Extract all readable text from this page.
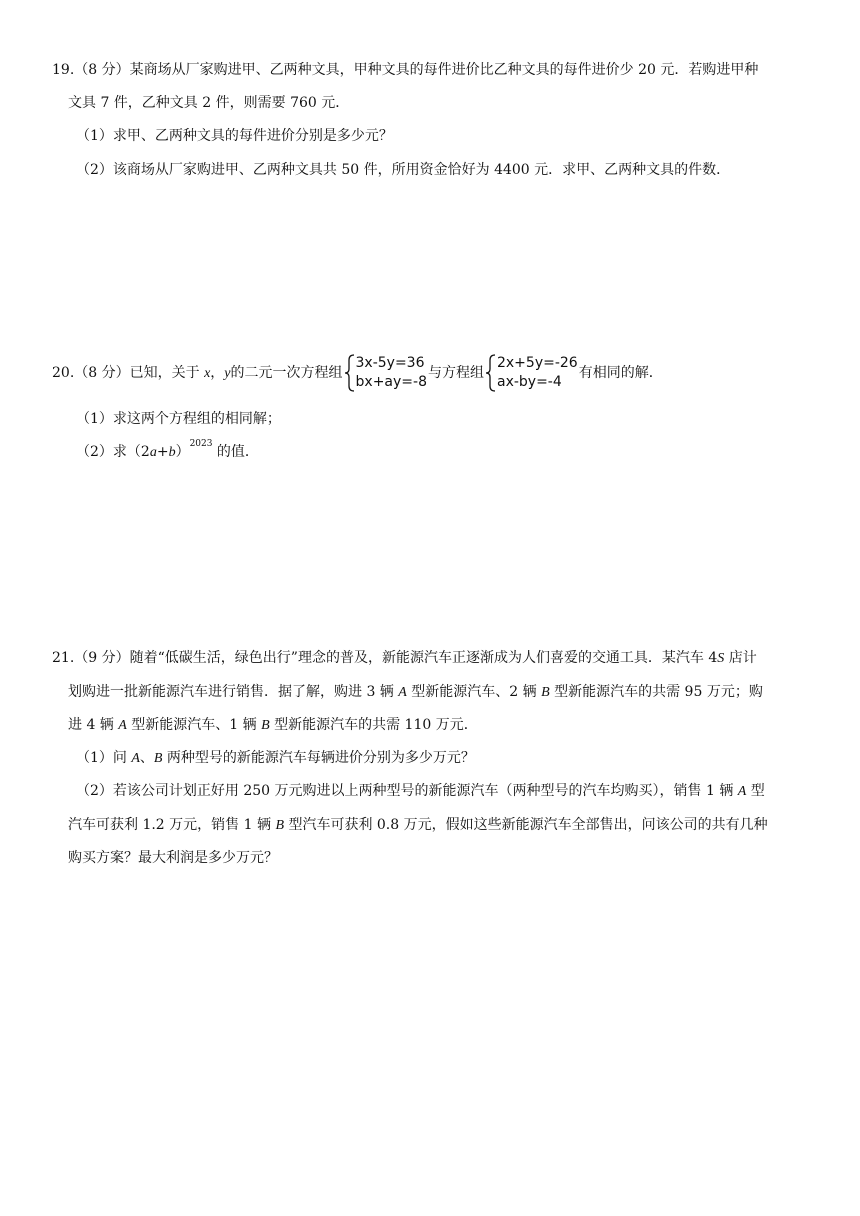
19.（8 分）某商场从厂家购进甲、乙两种文具，甲种文具的每件进价比乙种文具的每件进价少 20 元．若购进甲种
文具 7 件，乙种文具 2 件，则需要 760 元．
（1）求甲、乙两种文具的每件进价分别是多少元？
（2）该商场从厂家购进甲、乙两种文具共 50 件，所用资金恰好为 4400 元．求甲、乙两种文具的件数．
20.（8 分）已知，关于 x，y的二元一次方程组
3x-5y=36
bx+ay=-8
与方程组
2x+5y=-26
ax-by=-4
有相同的解．
（1）求这两个方程组的相同解；
（2）求$(2a+b)^{2023}$ 的值．
21.（9 分）随着“低碳生活，绿色出行”理念的普及，新能源汽车正逐渐成为人们喜爱的交通工具．某汽车 4S 店计
划购进一批新能源汽车进行销售．据了解，购进 3 辆 A 型新能源汽车、2 辆 B 型新能源汽车的共需 95 万元；购
进 4 辆 A 型新能源汽车、1 辆 B 型新能源汽车的共需 110 万元．
（1）问 A、B 两种型号的新能源汽车每辆进价分别为多少万元？
（2）若该公司计划正好用 250 万元购进以上两种型号的新能源汽车（两种型号的汽车均购买），销售 1 辆 A 型
汽车可获利 1.2 万元，销售 1 辆 B 型汽车可获利 0.8 万元，假如这些新能源汽车全部售出，问该公司的共有几种
购买方案？最大利润是多少万元？
